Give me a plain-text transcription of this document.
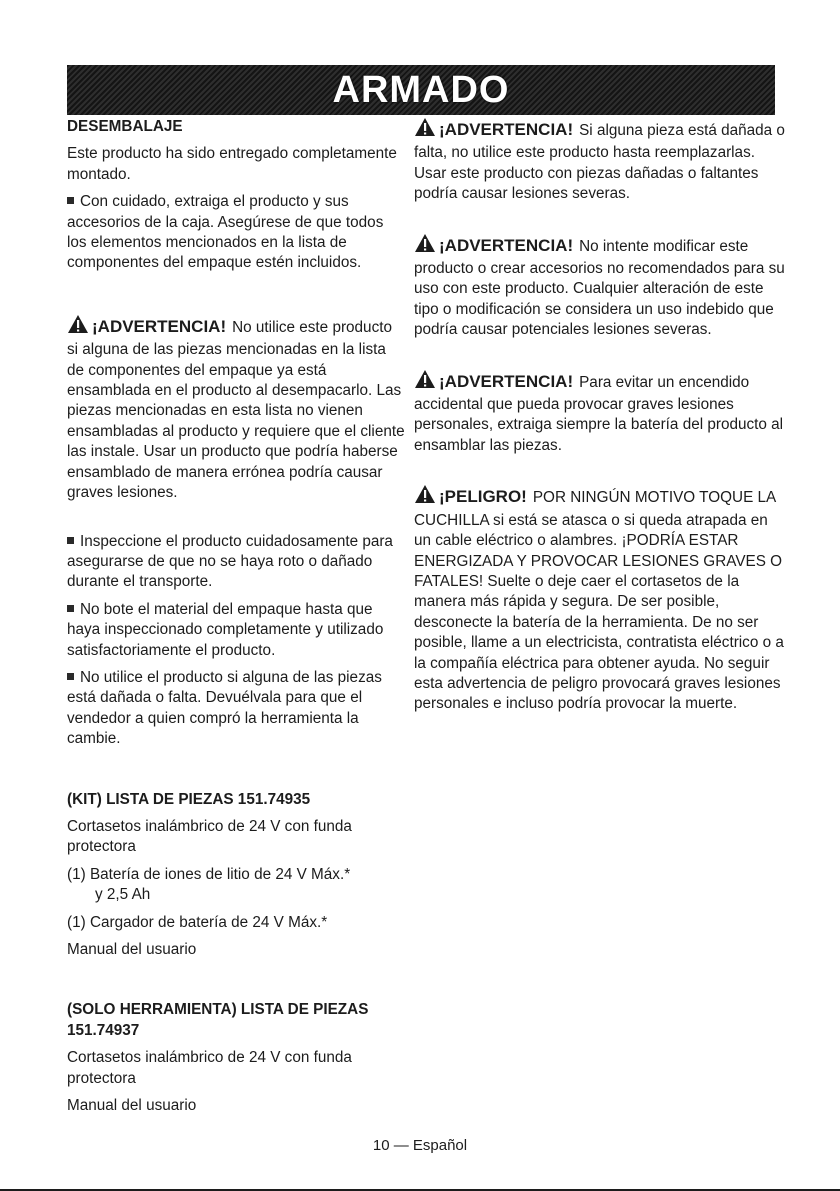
ARMADO
DESEMBALAJE

Este producto ha sido entregado completamente montado.

Con cuidado, extraiga el producto y sus accesorios de la caja. Asegúrese de que todos los elementos mencionados en la lista de componentes del empaque estén incluidos.

¡ADVERTENCIA! No utilice este producto si alguna de las piezas mencionadas en la lista de componentes del empaque ya está ensamblada en el producto al desempacarlo. Las piezas mencionadas en esta lista no vienen ensambladas al producto y requiere que el cliente las instale. Usar un producto que podría haberse ensamblado de manera errónea podría causar graves lesiones.

Inspeccione el producto cuidadosamente para asegurarse de que no se haya roto o dañado durante el transporte.

No bote el material del empaque hasta que haya inspeccionado completamente y utilizado satisfactoriamente el producto.

No utilice el producto si alguna de las piezas está dañada o falta. Devuélvala para que el vendedor a quien compró la herramienta la cambie.

(KIT) LISTA DE PIEZAS 151.74935

Cortasetos inalámbrico de 24 V con funda protectora

(1) Batería de iones de litio de 24 V Máx.*

y 2,5 Ah

(1) Cargador de batería de 24 V Máx.*

Manual del usuario

(SOLO HERRAMIENTA) LISTA DE PIEZAS 151.74937

Cortasetos inalámbrico de 24 V con funda protectora

Manual del usuario

¡ADVERTENCIA! Si alguna pieza está dañada o falta, no utilice este producto hasta reemplazarlas. Usar este producto con piezas dañadas o faltantes podría causar lesiones severas.

¡ADVERTENCIA! No intente modificar este producto o crear accesorios no recomendados para su uso con este producto. Cualquier alteración de este tipo o modificación se considera un uso indebido que podría causar potenciales lesiones severas.

¡ADVERTENCIA! Para evitar un encendido accidental que pueda provocar graves lesiones personales, extraiga siempre la batería del producto al ensamblar las piezas.

¡PELIGRO! POR NINGÚN MOTIVO TOQUE LA CUCHILLA si está se atasca o si queda atrapada en un cable eléctrico o alambres. ¡PODRÍA ESTAR ENERGIZADA Y PROVOCAR LESIONES GRAVES O FATALES! Suelte o deje caer el cortasetos de la manera más rápida y segura. De ser posible, desconecte la batería de la herramienta. De no ser posible, llame a un electricista, contratista eléctrico o a la compañía eléctrica para obtener ayuda. No seguir esta advertencia de peligro provocará graves lesiones personales e incluso podría provocar la muerte.

10 — Español
